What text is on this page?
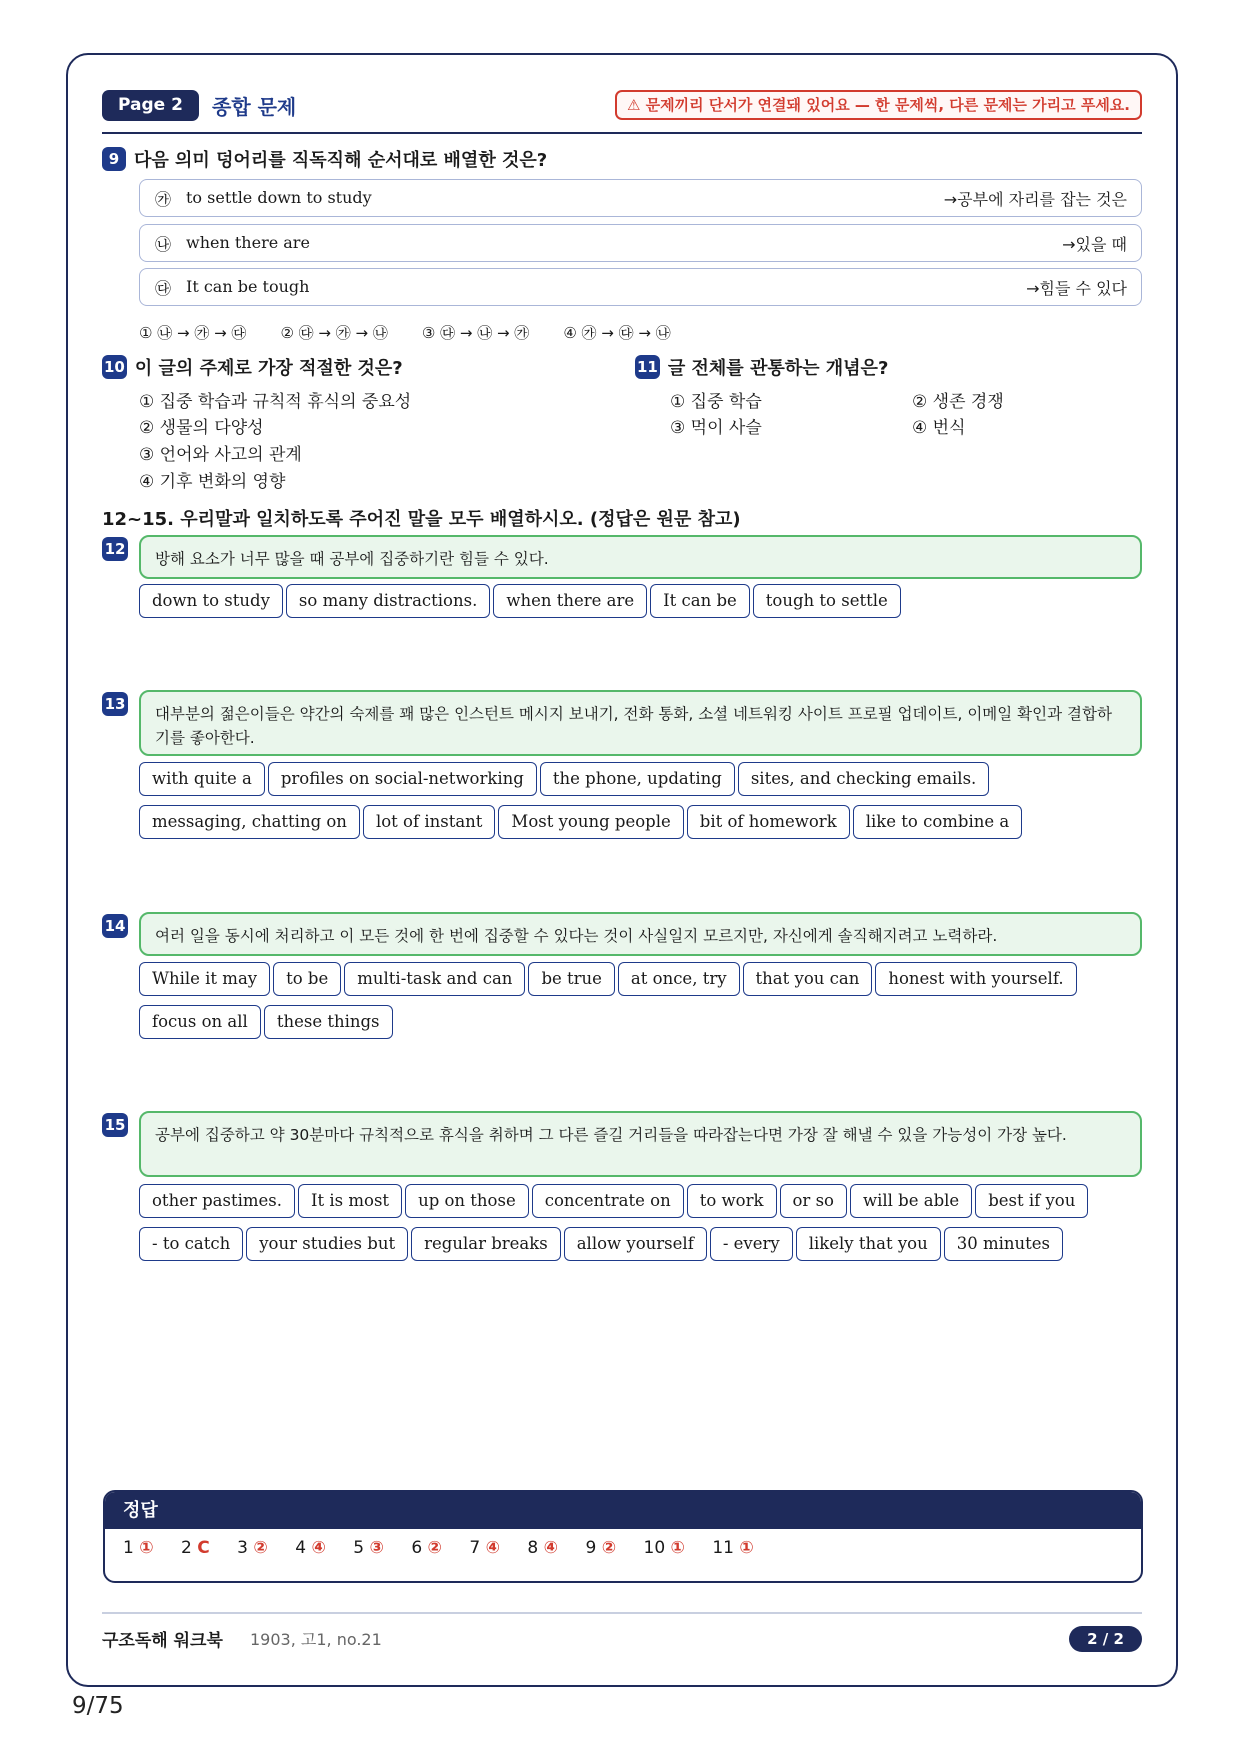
Page 2	종합 문제	⚠ 문제끼리 단서가 연결돼 있어요 — 한 문제씩, 다른 문제는 가리고 푸세요.
9 다음 의미 덩어리를 직독직해 순서대로 배열한 것은?
㉮ to settle down to study	→공부에 자리를 잡는 것은
㉯ when there are	→있을 때
㉰ It can be tough	→힘들 수 있다
① ㉯ → ㉮ → ㉰ ② ㉰ → ㉮ → ㉯ ③ ㉰ → ㉯ → ㉮ ④ ㉮ → ㉰ → ㉯
10 이 글의 주제로 가장 적절한 것은?
① 집중 학습과 규칙적 휴식의 중요성
② 생물의 다양성
③ 언어와 사고의 관계
④ 기후 변화의 영향
11 글 전체를 관통하는 개념은?
① 집중 학습	② 생존 경쟁
③ 먹이 사슬	④ 번식
12~15. 우리말과 일치하도록 주어진 말을 모두 배열하시오. (정답은 원문 참고)
12
방해 요소가 너무 많을 때 공부에 집중하기란 힘들 수 있다.
down to study so many distractions. when there are It can be tough to settle
13
대부분의 젊은이들은 약간의 숙제를 꽤 많은 인스턴트 메시지 보내기, 전화 통화, 소셜 네트워킹 사이트 프로필 업데이트, 이메일 확인과 결합하기를 좋아한다.
with quite a profiles on social-networking the phone, updating sites, and checking emails.
messaging, chatting on lot of instant Most young people bit of homework like to combine a
14
여러 일을 동시에 처리하고 이 모든 것에 한 번에 집중할 수 있다는 것이 사실일지 모르지만, 자신에게 솔직해지려고 노력하라.
While it may to be multi-task and can be true at once, try that you can honest with yourself.
focus on all these things
15
공부에 집중하고 약 30분마다 규칙적으로 휴식을 취하며 그 다른 즐길 거리들을 따라잡는다면 가장 잘 해낼 수 있을 가능성이 가장 높다.
other pastimes. It is most up on those concentrate on to work or so will be able best if you
- to catch your studies but regular breaks allow yourself - every likely that you 30 minutes
정답
1 ① 2 C 3 ② 4 ④ 5 ③ 6 ② 7 ④ 8 ④ 9 ② 10 ① 11 ①
구조독해 워크북 1903, 고1, no.21	2 / 2
9/75
